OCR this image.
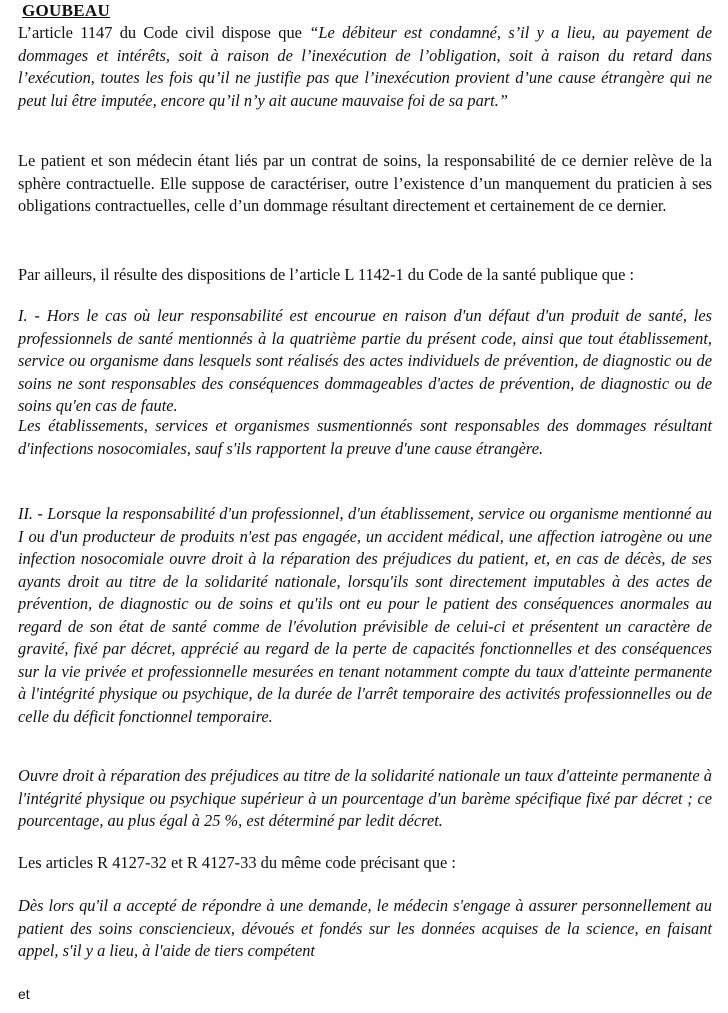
GOUBEAU
L’article 1147 du Code civil dispose que “Le débiteur est condamné, s’il y a lieu, au payement de dommages et intérêts, soit à raison de l’inexécution de l’obligation, soit à raison du retard dans l’exécution, toutes les fois qu’il ne justifie pas que l’inexécution provient d’une cause étrangère qui ne peut lui être imputée, encore qu’il n’y ait aucune mauvaise foi de sa part.”
Le patient et son médecin étant liés par un contrat de soins, la responsabilité de ce dernier relève de la sphère contractuelle. Elle suppose de caractériser, outre l’existence d’un manquement du praticien à ses obligations contractuelles, celle d’un dommage résultant directement et certainement de ce dernier.
Par ailleurs, il résulte des dispositions de l’article L 1142-1 du Code de la santé publique que :
I. - Hors le cas où leur responsabilité est encourue en raison d'un défaut d'un produit de santé, les professionnels de santé mentionnés à la quatrième partie du présent code, ainsi que tout établissement, service ou organisme dans lesquels sont réalisés des actes individuels de prévention, de diagnostic ou de soins ne sont responsables des conséquences dommageables d'actes de prévention, de diagnostic ou de soins qu'en cas de faute.
Les établissements, services et organismes susmentionnés sont responsables des dommages résultant d'infections nosocomiales, sauf s'ils rapportent la preuve d'une cause étrangère.
II. - Lorsque la responsabilité d'un professionnel, d'un établissement, service ou organisme mentionné au I ou d'un producteur de produits n'est pas engagée, un accident médical, une affection iatrogène ou une infection nosocomiale ouvre droit à la réparation des préjudices du patient, et, en cas de décès, de ses ayants droit au titre de la solidarité nationale, lorsqu'ils sont directement imputables à des actes de prévention, de diagnostic ou de soins et qu'ils ont eu pour le patient des conséquences anormales au regard de son état de santé comme de l'évolution prévisible de celui-ci et présentent un caractère de gravité, fixé par décret, apprécié au regard de la perte de capacités fonctionnelles et des conséquences sur la vie privée et professionnelle mesurées en tenant notamment compte du taux d'atteinte permanente à l'intégrité physique ou psychique, de la durée de l'arrêt temporaire des activités professionnelles ou de celle du déficit fonctionnel temporaire.
Ouvre droit à réparation des préjudices au titre de la solidarité nationale un taux d'atteinte permanente à l'intégrité physique ou psychique supérieur à un pourcentage d'un barème spécifique fixé par décret ; ce pourcentage, au plus égal à 25 %, est déterminé par ledit décret.
Les articles R 4127-32 et R 4127-33 du même code précisant que :
Dès lors qu'il a accepté de répondre à une demande, le médecin s'engage à assurer personnellement au patient des soins consciencieux, dévoués et fondés sur les données acquises de la science, en faisant appel, s'il y a lieu, à l'aide de tiers compétent
et
